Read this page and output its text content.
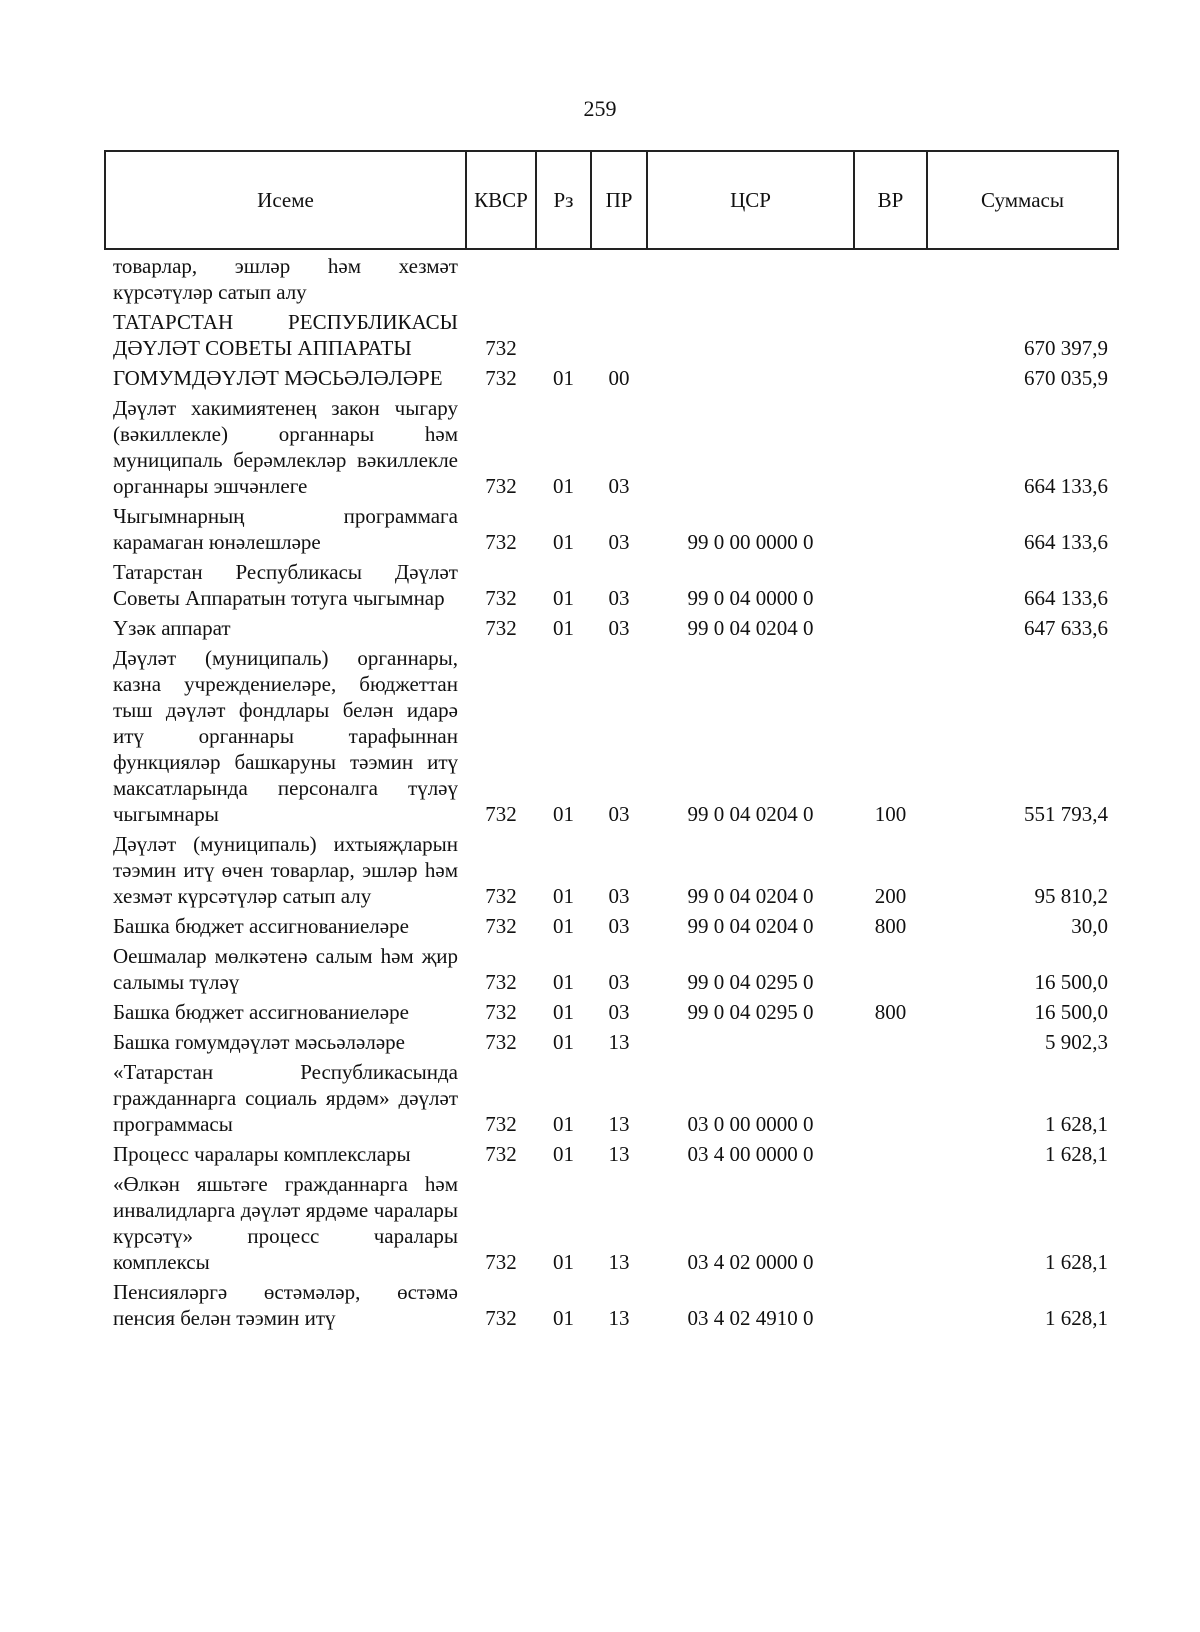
259
Исеме	КВСР	Рз	ПР	ЦСР	ВР	Суммасы
товарлар, эшләр һәм хезмәт күрсәтүләр сатып алу						
ТАТАРСТАН РЕСПУБЛИКАСЫ ДӘҮЛӘТ СОВЕТЫ АППАРАТЫ	732					670 397,9
ГОМУМДӘҮЛӘТ МӘСЬӘЛӘЛӘРЕ	732	01	00			670 035,9
Дәүләт хакимиятенең закон чыгару (вәкиллекле) органнары һәм муниципаль берәмлекләр вәкиллекле органнары эшчәнлеге	732	01	03			664 133,6
Чыгымнарның программага карамаган юнәлешләре	732	01	03	99 0 00 0000 0		664 133,6
Татарстан Республикасы Дәүләт Советы Аппаратын тотуга чыгымнар	732	01	03	99 0 04 0000 0		664 133,6
Үзәк аппарат	732	01	03	99 0 04 0204 0		647 633,6
Дәүләт (муниципаль) органнары, казна учреждениеләре, бюджеттан тыш дәүләт фондлары белән идарә итү органнары тарафыннан функцияләр башкаруны тәэмин итү максатларында персоналга түләү чыгымнары	732	01	03	99 0 04 0204 0	100	551 793,4
Дәүләт (муниципаль) ихтыяҗларын тәэмин итү өчен товарлар, эшләр һәм хезмәт күрсәтүләр сатып алу	732	01	03	99 0 04 0204 0	200	95 810,2
Башка бюджет ассигнованиеләре	732	01	03	99 0 04 0204 0	800	30,0
Оешмалар мөлкәтенә салым һәм җир салымы түләү	732	01	03	99 0 04 0295 0		16 500,0
Башка бюджет ассигнованиеләре	732	01	03	99 0 04 0295 0	800	16 500,0
Башка гомумдәүләт мәсьәләләре	732	01	13			5 902,3
«Татарстан Республикасында гражданнарга социаль ярдәм» дәүләт программасы	732	01	13	03 0 00 0000 0		1 628,1
Процесс чаралары комплекслары	732	01	13	03 4 00 0000 0		1 628,1
«Өлкән яшьтәге гражданнарга һәм инвалидларга дәүләт ярдәме чаралары күрсәтү» процесс чаралары комплексы	732	01	13	03 4 02 0000 0		1 628,1
Пенсияләргә өстәмәләр, өстәмә пенсия белән тәэмин итү	732	01	13	03 4 02 4910 0		1 628,1
